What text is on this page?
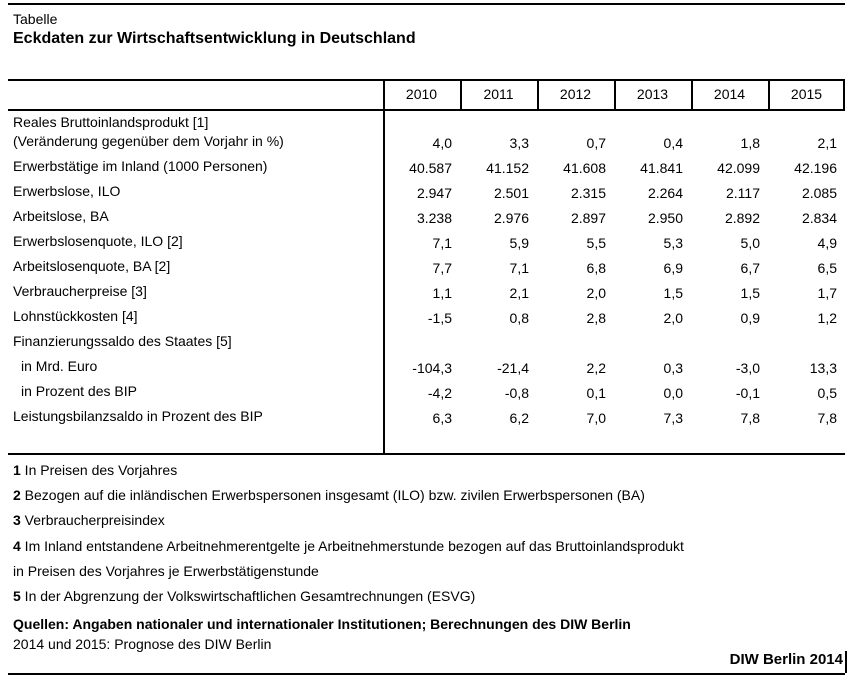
Tabelle
Eckdaten zur Wirtschaftsentwicklung in Deutschland
2010	2011	2012	2013	2014	2015
Reales Bruttoinlandsprodukt [1]
(Veränderung gegenüber dem Vorjahr in %)	4,0	3,3	0,7	0,4	1,8	2,1
Erwerbstätige im Inland (1000 Personen)	40.587	41.152	41.608	41.841	42.099	42.196
Erwerbslose, ILO	2.947	2.501	2.315	2.264	2.117	2.085
Arbeitslose, BA	3.238	2.976	2.897	2.950	2.892	2.834
Erwerbslosenquote, ILO [2]	7,1	5,9	5,5	5,3	5,0	4,9
Arbeitslosenquote, BA [2]	7,7	7,1	6,8	6,9	6,7	6,5
Verbraucherpreise [3]	1,1	2,1	2,0	1,5	1,5	1,7
Lohnstückkosten [4]	-1,5	0,8	2,8	2,0	0,9	1,2
Finanzierungssaldo des Staates [5]
in Mrd. Euro	-104,3	-21,4	2,2	0,3	-3,0	13,3
in Prozent des BIP	-4,2	-0,8	0,1	0,0	-0,1	0,5
Leistungsbilanzsaldo in Prozent des BIP	6,3	6,2	7,0	7,3	7,8	7,8
1 In Preisen des Vorjahres
2 Bezogen auf die inländischen Erwerbspersonen insgesamt (ILO) bzw. zivilen Erwerbspersonen (BA)
3 Verbraucherpreisindex
4 Im Inland entstandene Arbeitnehmerentgelte je Arbeitnehmerstunde bezogen auf das Bruttoinlandsprodukt
in Preisen des Vorjahres je Erwerbstätigenstunde
5 In der Abgrenzung der Volkswirtschaftlichen Gesamtrechnungen (ESVG)
Quellen: Angaben nationaler und internationaler Institutionen; Berechnungen des DIW Berlin
2014 und 2015: Prognose des DIW Berlin
DIW Berlin 2014
